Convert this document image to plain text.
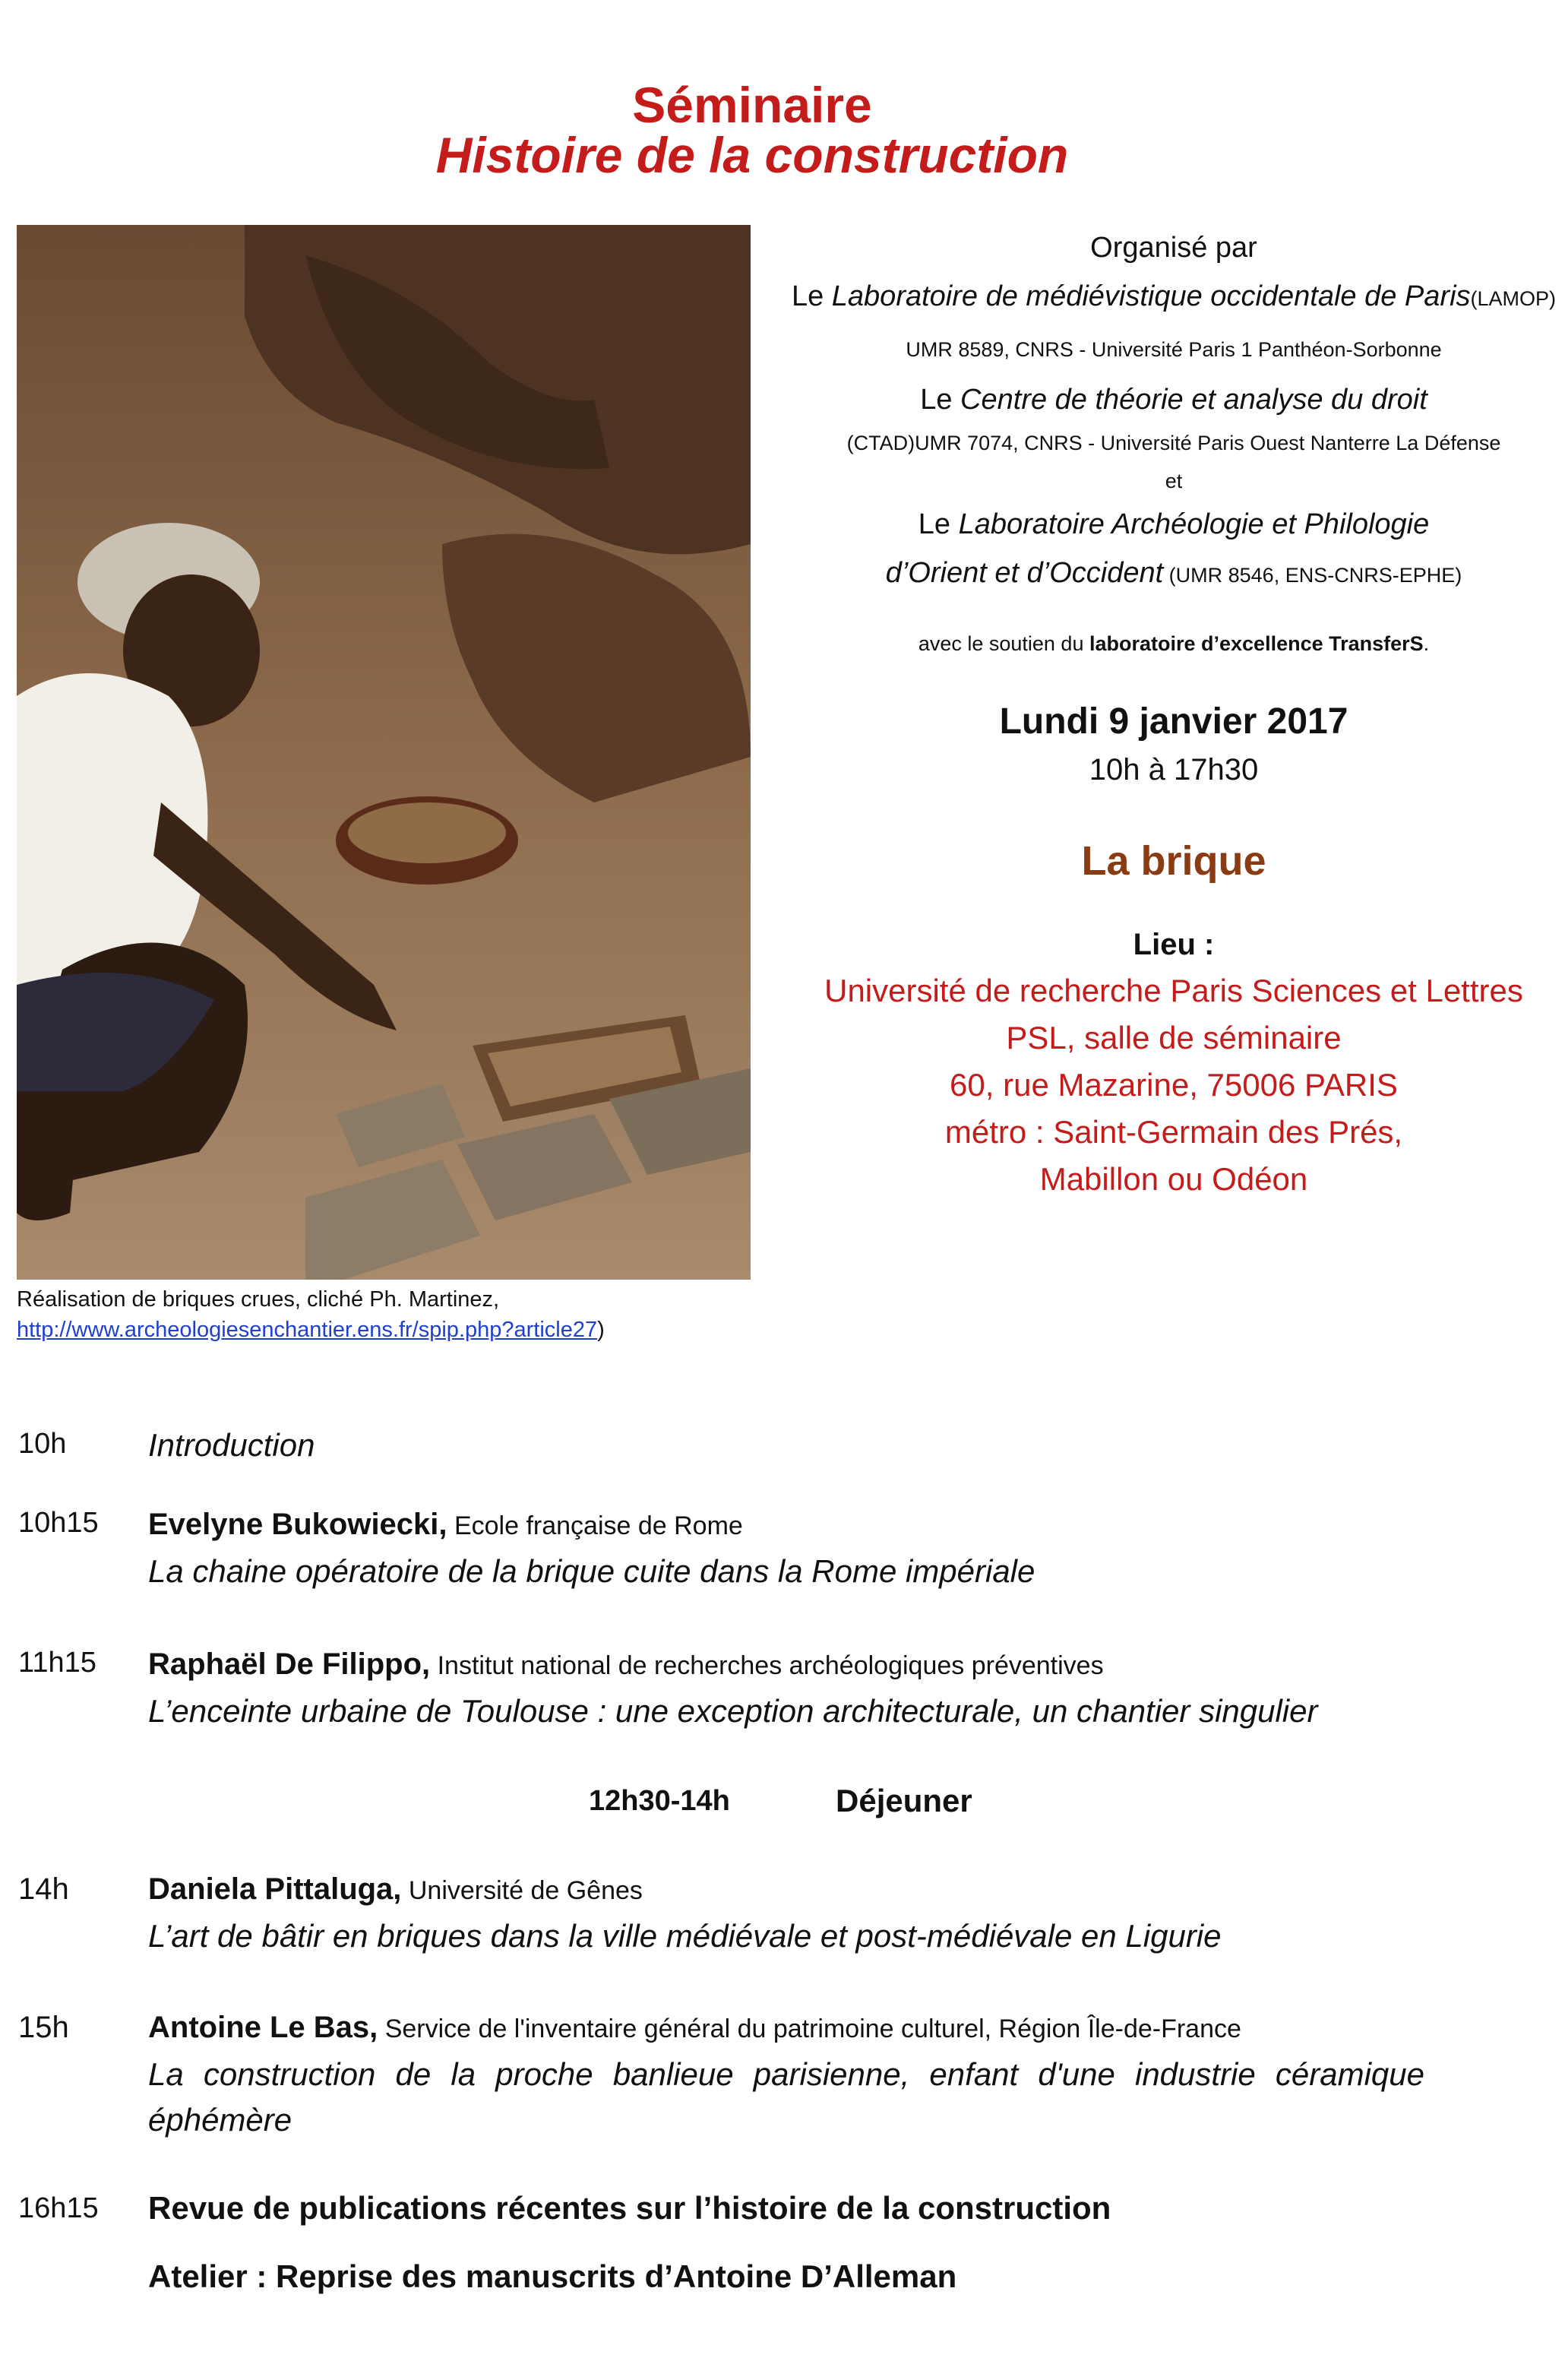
Séminaire
Histoire de la construction
Réalisation de briques crues, cliché Ph. Martinez,
http://www.archeologiesenchantier.ens.fr/spip.php?article27)
Organisé par
Le Laboratoire de médiévistique occidentale de Paris(LAMOP) UMR 8589, CNRS - Université Paris 1 Panthéon-Sorbonne
Le Centre de théorie et analyse du droit
(CTAD)UMR 7074, CNRS - Université Paris Ouest Nanterre La Défense
et
Le Laboratoire Archéologie et Philologie
d’Orient et d’Occident (UMR 8546, ENS-CNRS-EPHE)
avec le soutien du laboratoire d’excellence TransferS.
Lundi 9 janvier 2017
10h à 17h30
La brique
Lieu :
Université de recherche Paris Sciences et Lettres
PSL, salle de séminaire
60, rue Mazarine, 75006 PARIS
métro : Saint-Germain des Prés,
Mabillon ou Odéon
10h	Introduction
10h15 Evelyne Bukowiecki, Ecole française de Rome
La chaine opératoire de la brique cuite dans la Rome impériale
11h15 Raphaël De Filippo, Institut national de recherches archéologiques préventives
L’enceinte urbaine de Toulouse : une exception architecturale, un chantier singulier
12h30-14h	Déjeuner
14h	Daniela Pittaluga, Université de Gênes
L’art de bâtir en briques dans la ville médiévale et post-médiévale en Ligurie
15h	Antoine Le Bas, Service de l'inventaire général du patrimoine culturel, Région Île-de-France
La construction de la proche banlieue parisienne, enfant d'une industrie céramique éphémère
16h15 Revue de publications récentes sur l’histoire de la construction
Atelier : Reprise des manuscrits d’Antoine D’Alleman
